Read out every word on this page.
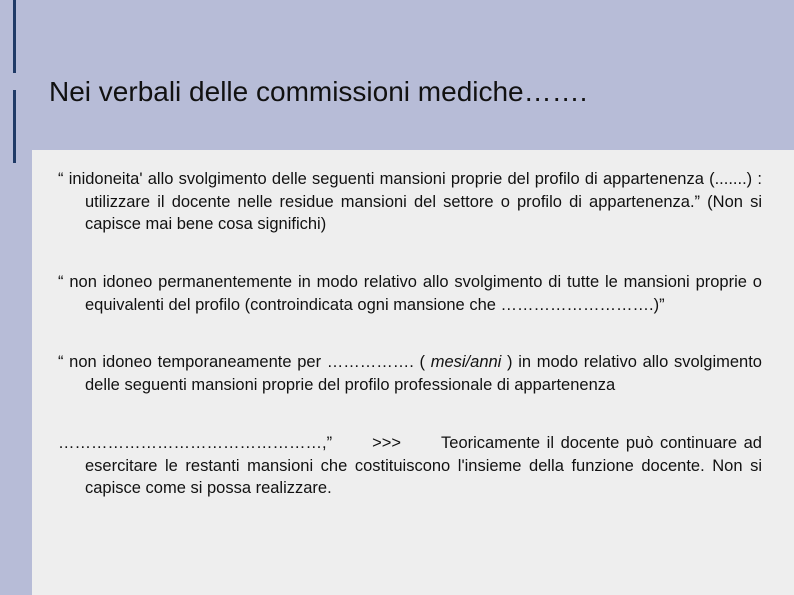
Nei verbali delle commissioni mediche…….
“ inidoneita' allo svolgimento delle seguenti mansioni proprie del profilo di appartenenza (.......) : utilizzare il docente nelle residue mansioni del settore o profilo di appartenenza.” (Non si capisce mai bene cosa significhi)
“ non idoneo permanentemente in modo relativo allo svolgimento di tutte le mansioni proprie o equivalenti del profilo (controindicata ogni mansione che ……………………….)”
“ non idoneo temporaneamente per ……………. ( mesi/anni ) in modo relativo allo svolgimento delle seguenti mansioni proprie del profilo professionale di appartenenza
…………………………………………,” >>> Teoricamente il docente può continuare ad esercitare le restanti mansioni che costituiscono l'insieme della funzione docente. Non si capisce come si possa realizzare.
